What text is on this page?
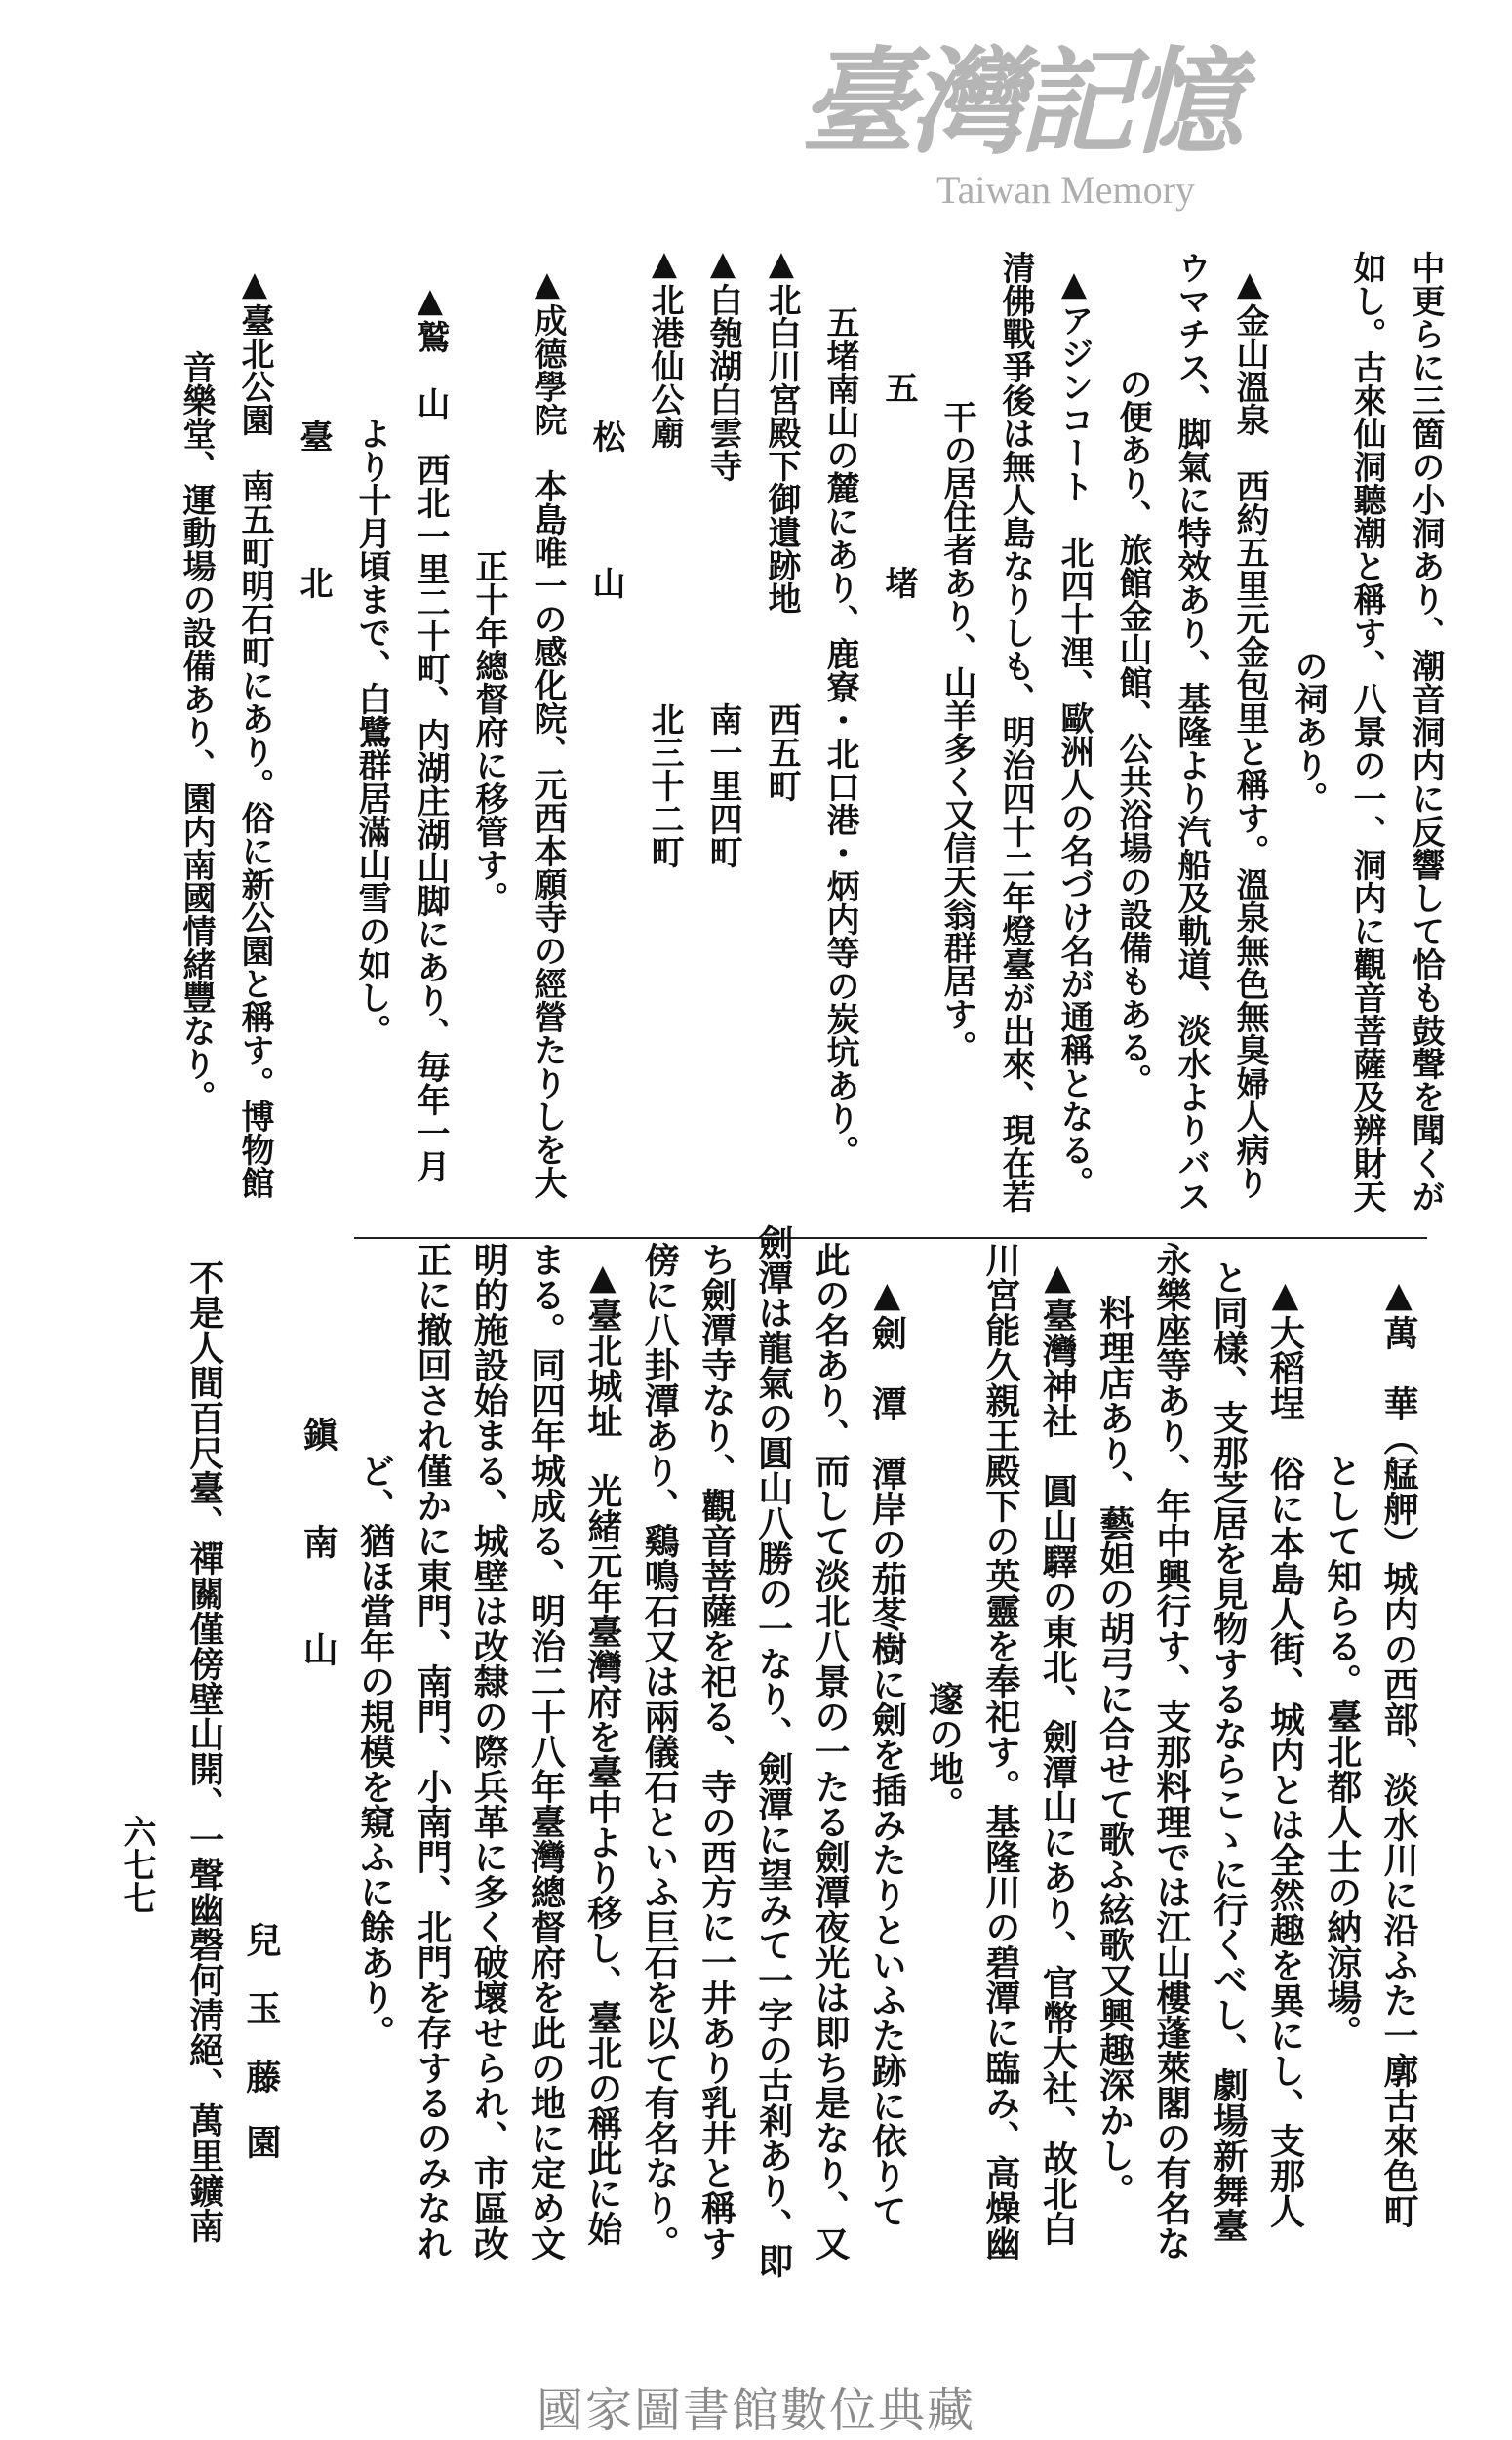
中更らに三箇の小洞あり、潮音洞内に反響して恰も鼓聲を聞くが
如し。古來仙洞聽潮と稱す、八景の一、洞内に觀音菩薩及辨財天
の祠あり。
▲金山溫泉　西約五里元金包里と稱す。溫泉無色無臭婦人病り
ウマチス、脚氣に特效あり、基隆より汽船及軌道、淡水よりバス
の便あり、旅館金山館、公共浴場の設備もある。
▲アジンコート　北四十浬、歐洲人の名づけ名が通稱となる。
清佛戰爭後は無人島なりしも、明治四十二年燈臺が出來、現在若
干の居住者あり、山羊多く又信天翁群居す。
五
堵
五堵南山の麓にあり、鹿寮・北口港・炳内等の炭坑あり。
▲北白川宮殿下御遺跡地
西五町
▲白匏湖白雲寺
南一里四町
▲北港仙公廟
北三十二町
松
山
▲成德學院　本島唯一の感化院、元西本願寺の經營たりしを大
正十年總督府に移管す。
▲鷲　山　西北一里二十町、内湖庄湖山脚にあり、毎年一月
より十月頃まで、白鷺群居滿山雪の如し。
臺
北
▲臺北公園　南五町明石町にあり。俗に新公園と稱す。博物館
音樂堂、運動場の設備あり、園内南國情緒豐なり。
▲萬　華（艋舺）城内の西部、淡水川に沿ふた一廓古來色町
として知らる。臺北都人士の納涼場。
▲大稻埕　俗に本島人街、城内とは全然趣を異にし、支那人
と同樣、支那芝居を見物するならこゝに行くべし、劇場新舞臺
永樂座等あり、年中興行す、支那料理では江山樓蓬萊閣の有名な
料理店あり、藝妲の胡弓に合せて歌ふ絃歌又興趣深かし。
▲臺灣神社　圓山驛の東北、劍潭山にあり、官幣大社、故北白
川宮能久親王殿下の英靈を奉祀す。基隆川の碧潭に臨み、高燥幽
邃の地。
▲劍　潭　潭岸の茄苳樹に劍を插みたりといふた跡に依りて
此の名あり、而して淡北八景の一たる劍潭夜光は即ち是なり、又
劍潭は龍氣の圓山八勝の一なり、劍潭に望みて一字の古剎あり、即
ち劍潭寺なり、觀音菩薩を祀る、寺の西方に一井あり乳井と稱す
傍に八卦潭あり、鷄鳴石又は兩儀石といふ巨石を以て有名なり。
▲臺北城址　光緒元年臺灣府を臺中より移し、臺北の稱此に始
まる。同四年城成る、明治二十八年臺灣總督府を此の地に定め文
明的施設始まる、城壁は改隸の際兵革に多く破壞せられ、市區改
正に撤回され僅かに東門、南門、小南門、北門を存するのみなれ
ど、猶ほ當年の規模を窺ふに餘あり。
鎭
南
山
兒
玉
藤
園
不是人間百尺臺、禪關僅傍壁山開、一聲幽磬何淸絕、萬里鑛南
六七七
臺灣記憶
Taiwan Memory
國家圖書館數位典藏
